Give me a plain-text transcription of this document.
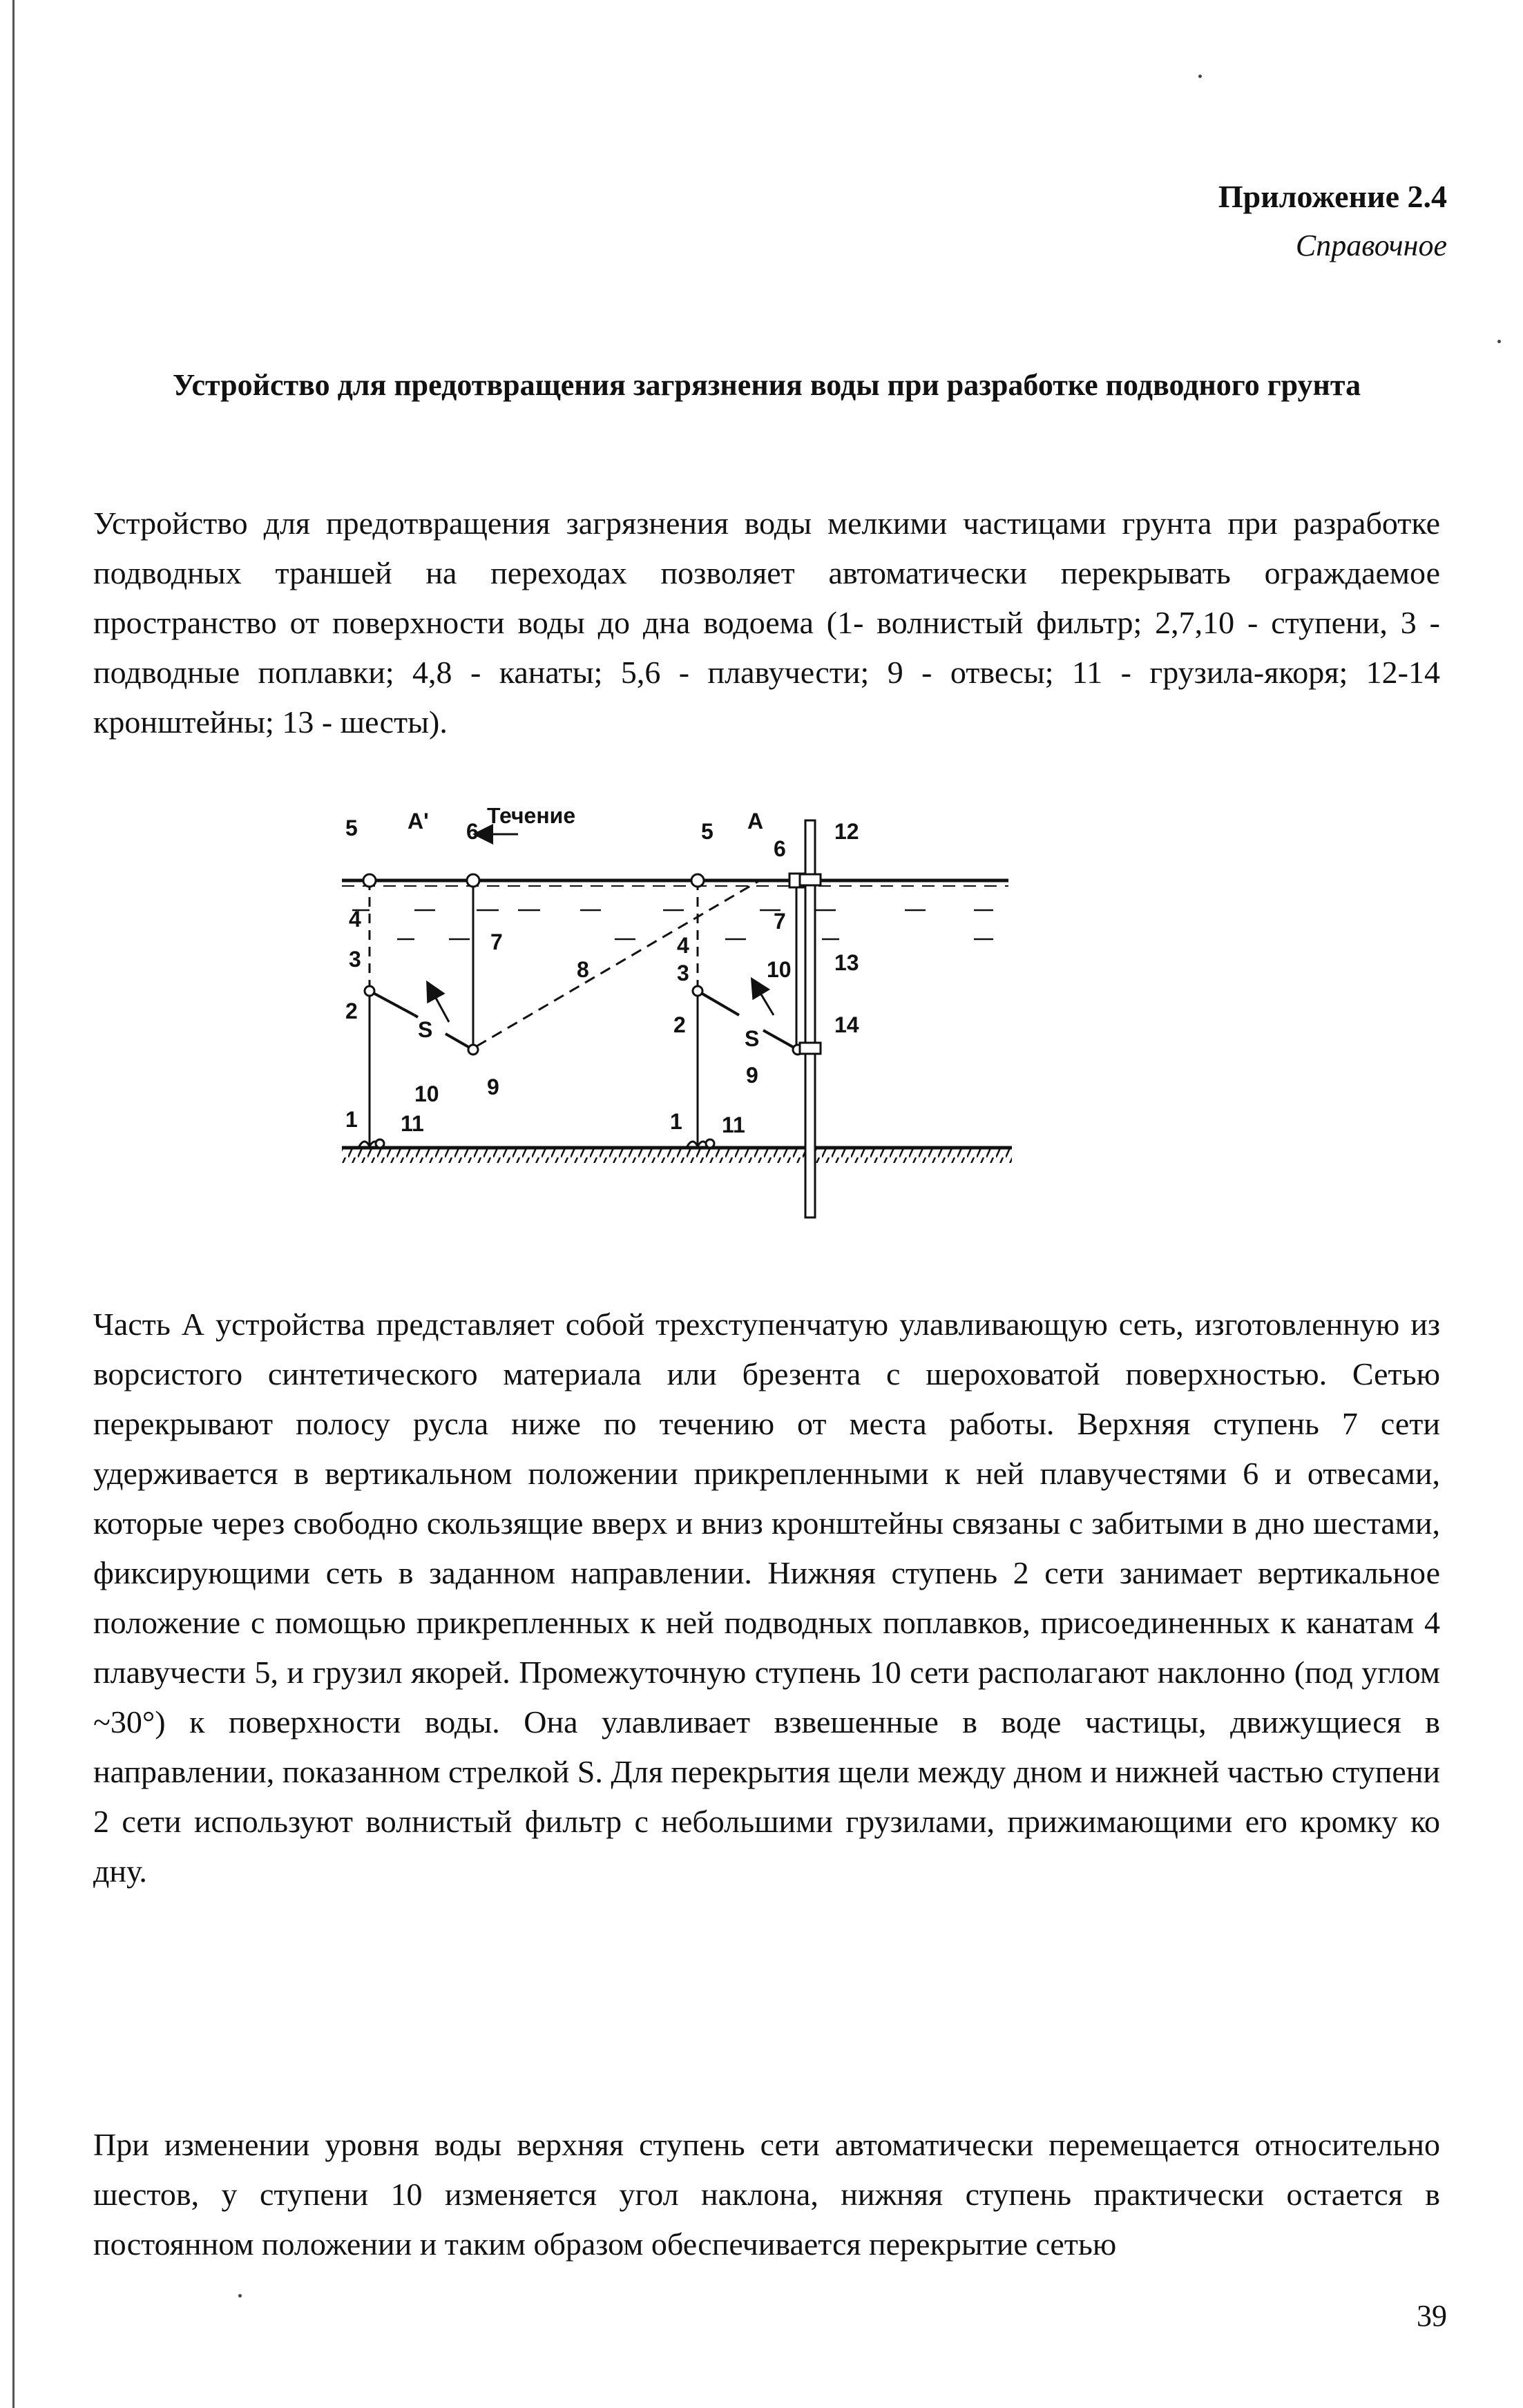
Приложение 2.4
Справочное
Устройство для предотвращения загрязнения воды при разработке подводного грунта

Устройство для предотвращения загрязнения воды мелкими частицами грунта при разработке подводных траншей на переходах позволяет автоматически перекрывать ограждаемое пространство от поверхности воды до дна водоема (1- волнистый фильтр; 2,7,10 - ступени, 3 - подводные поплавки; 4,8 - канаты; 5,6 - плавучести; 9 - отвесы; 11 - грузила-якоря; 12-14 кронштейны; 13 - шесты).

Течение
А'	А
5	6
4
3
2
1 11
S
10 9
7
8
5
6
12
7
4
3	10 13
2
S
14
9
1 11

Часть А устройства представляет собой трехступенчатую улавливающую сеть, изготовленную из ворсистого синтетического материала или брезента с шероховатой поверхностью. Сетью перекрывают полосу русла ниже по течению от места работы. Верхняя ступень 7 сети удерживается в вертикальном положении прикрепленными к ней плавучестями 6 и отвесами, которые через свободно скользящие вверх и вниз кронштейны связаны с забитыми в дно шестами, фиксирующими сеть в заданном направлении. Нижняя ступень 2 сети занимает вертикальное положение с помощью прикрепленных к ней подводных поплавков, присоединенных к канатам 4 плавучести 5, и грузил якорей. Промежуточную ступень 10 сети располагают наклонно (под углом ~30°) к поверхности воды. Она улавливает взвешенные в воде частицы, движущиеся в направлении, показанном стрелкой S. Для перекрытия щели между дном и нижней частью ступени 2 сети используют волнистый фильтр с небольшими грузилами, прижимающими его кромку ко дну.

При изменении уровня воды верхняя ступень сети автоматически перемещается относительно шестов, у ступени 10 изменяется угол наклона, нижняя ступень практически остается в постоянном положении и таким образом обеспечивается перекрытие сетью

39
